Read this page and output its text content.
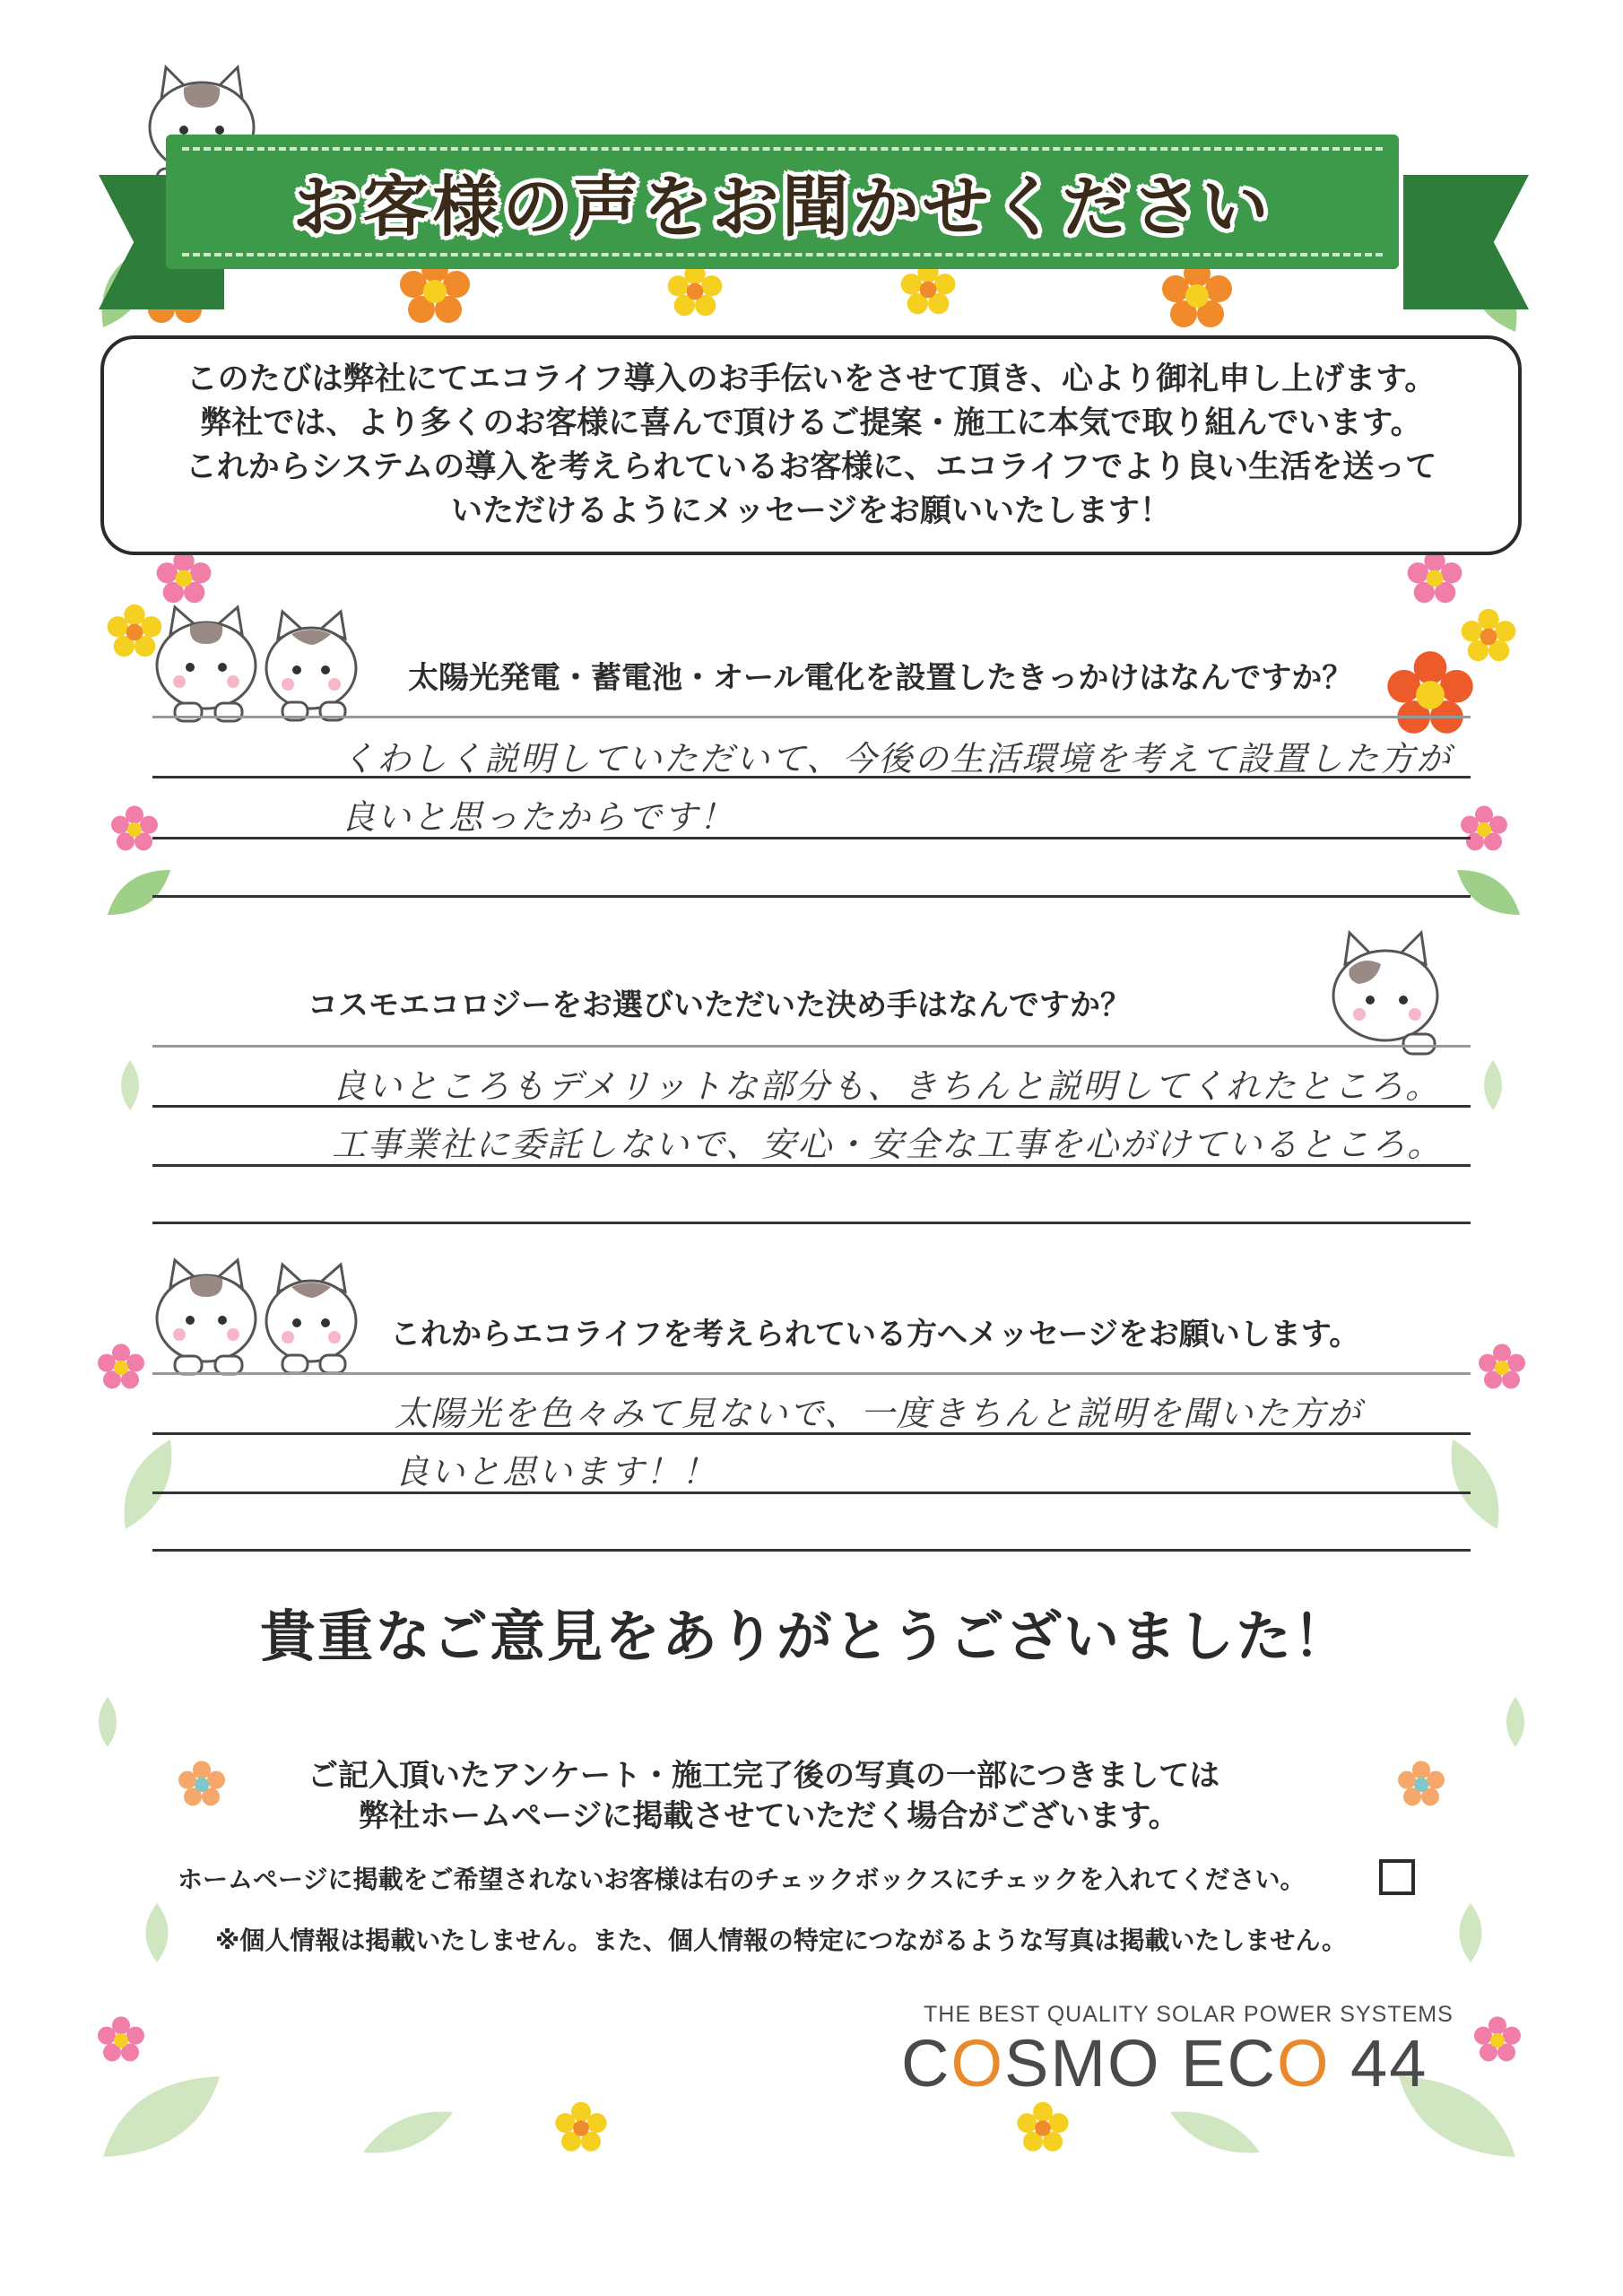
お客様の声をお聞かせください
このたびは弊社にてエコライフ導入のお手伝いをさせて頂き、心より御礼申し上げます。
弊社では、より多くのお客様に喜んで頂けるご提案・施工に本気で取り組んでいます。
これからシステムの導入を考えられているお客様に、エコライフでより良い生活を送って
いただけるようにメッセージをお願いいたします！
太陽光発電・蓄電池・オール電化を設置したきっかけはなんですか？
くわしく説明していただいて、今後の生活環境を考えて設置した方が
良いと思ったからです！
コスモエコロジーをお選びいただいた決め手はなんですか？
良いところもデメリットな部分も、きちんと説明してくれたところ。
工事業社に委託しないで、安心・安全な工事を心がけているところ。
これからエコライフを考えられている方へメッセージをお願いします。
太陽光を色々みて見ないで、一度きちんと説明を聞いた方が
良いと思います！！
貴重なご意見をありがとうございました！
ご記入頂いたアンケート・施工完了後の写真の一部につきましては
弊社ホームページに掲載させていただく場合がございます。
ホームページに掲載をご希望されないお客様は右のチェックボックスにチェックを入れてください。
※個人情報は掲載いたしません。また、個人情報の特定につながるような写真は掲載いたしません。
THE BEST QUALITY SOLAR POWER SYSTEMS
COSMO ECO 44
